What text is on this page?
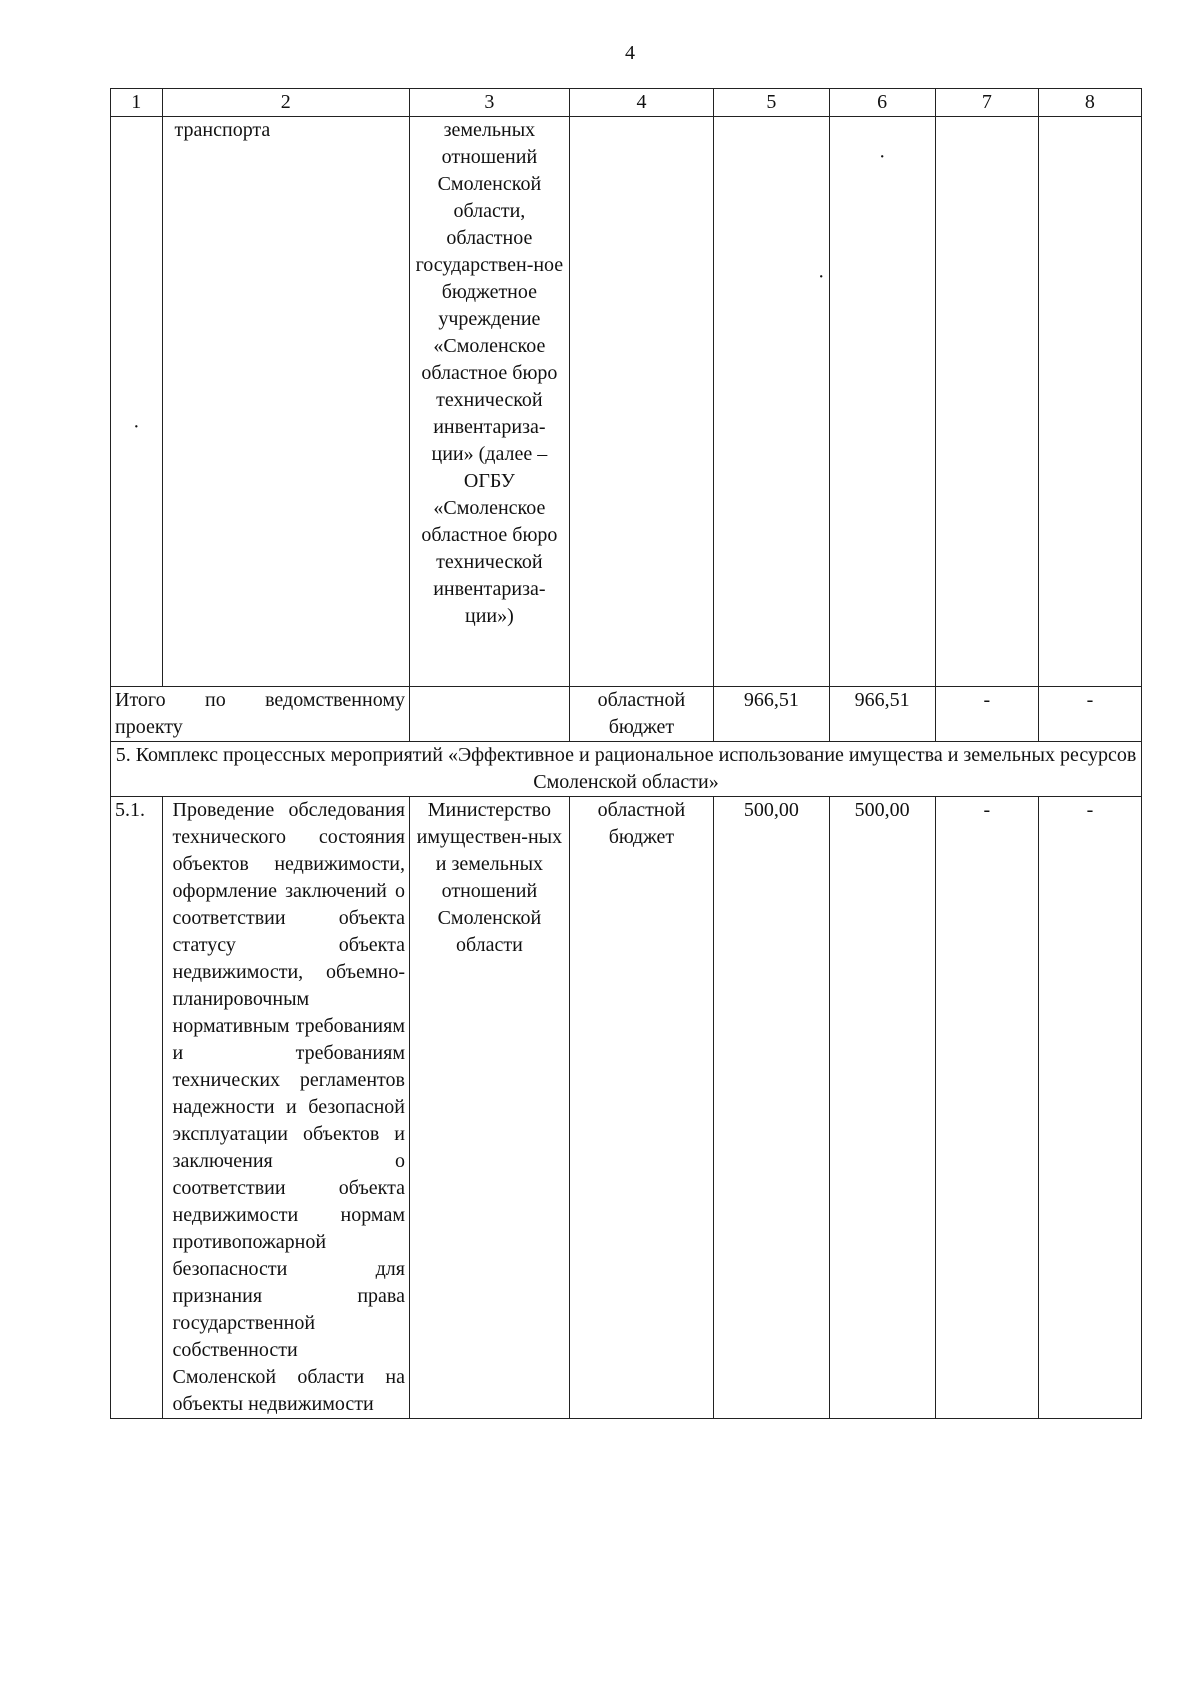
4
1	2	3	4	5	6	7	8

·	транспорта	земельных отношений Смоленской области, областное государствен-ное бюджетное учреждение «Смоленское областное бюро технической инвентариза-ции» (далее – ОГБУ «Смоленское областное бюро технической инвентариза-ции»)		·	·		

Итого по ведомственному проекту			областной бюджет	966,51	966,51	-	-
5. Комплекс процессных мероприятий «Эффективное и рациональное использование имущества и земельных ресурсов Смоленской области»							
5.1.	Проведение обследования технического состояния объектов недвижимости, оформление заключений о соответствии объекта статусу объекта недвижимости, объемно-планировочным нормативным требованиям и требованиям технических регламентов надежности и безопасной эксплуатации объектов и заключения о соответствии объекта недвижимости нормам противопожарной безопасности для признания права государственной собственности Смоленской области на объекты недвижимости	Министерство имуществен-ных и земельных отношений Смоленской области	областной бюджет	500,00	500,00	-	-
